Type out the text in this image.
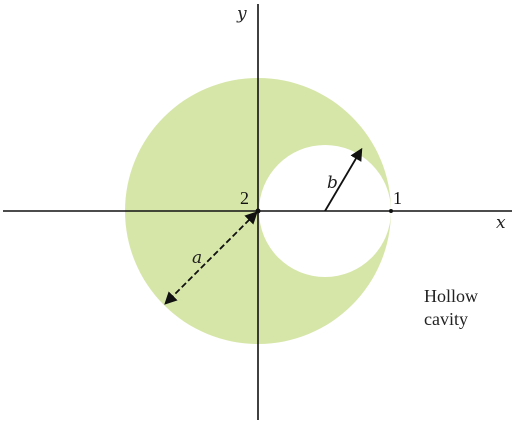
y
x
2	1
a
b
Hollow
cavity
